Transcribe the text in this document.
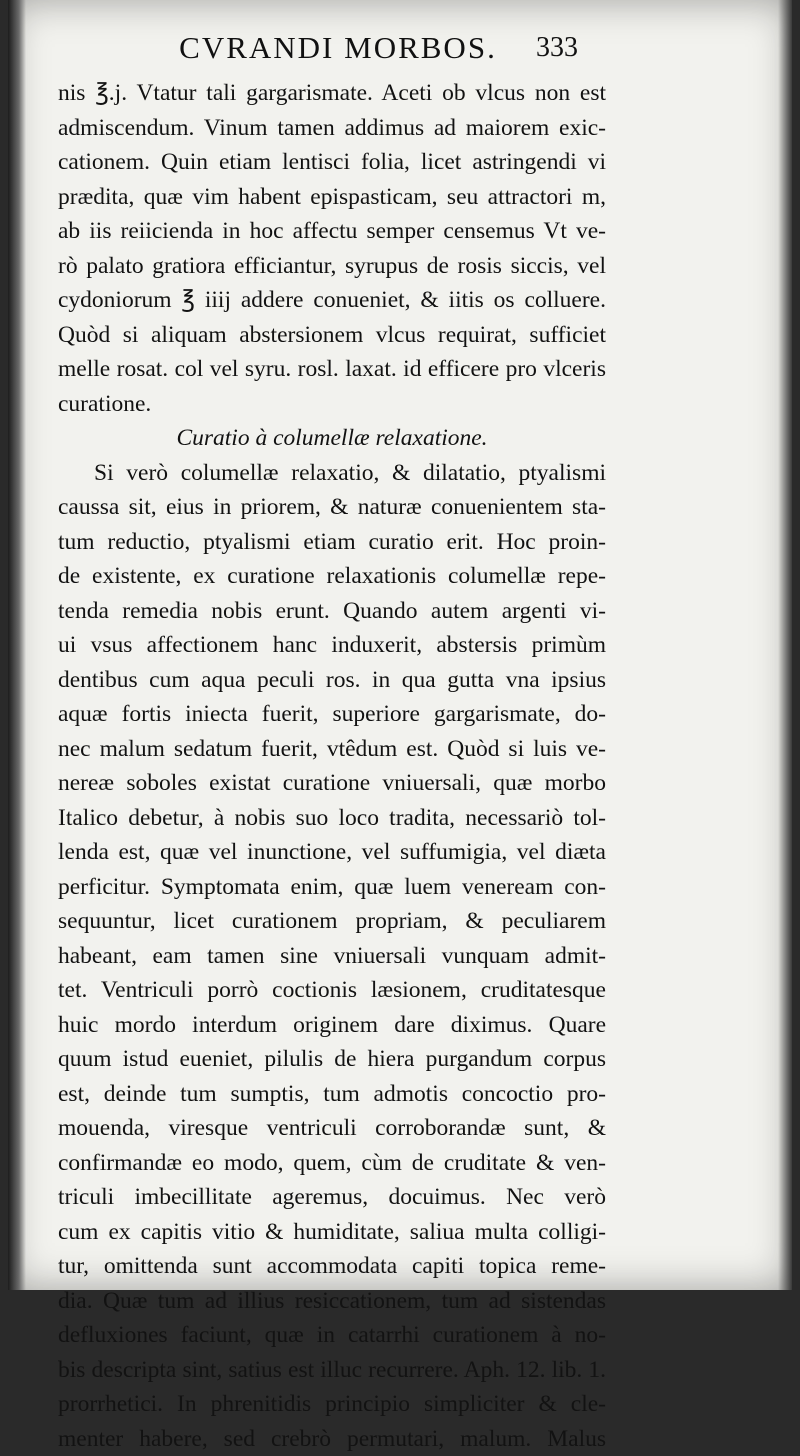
CVRANDI MORBOS.	333
nis ℥.j. Vtatur tali gargarismate. Aceti ob vlcus non est
admiscendum. Vinum tamen addimus ad maiorem exic-
cationem. Quin etiam lentisci folia, licet astringendi vi
prædita, quæ vim habent epispasticam, seu attractori m,
ab iis reiicienda in hoc affectu semper censemus Vt ve-
rò palato gratiora efficiantur, syrupus de rosis siccis, vel
cydoniorum ℥ iiij addere conueniet, & iitis os colluere.
Quòd si aliquam abstersionem vlcus requirat, sufficiet
melle rosat. col vel syru. rosl. laxat. id efficere pro vlceris
curatione.
Curatio à columellæ relaxatione.
Si verò columellæ relaxatio, & dilatatio, ptyalismi
caussa sit, eius in priorem, & naturæ conuenientem sta-
tum reductio, ptyalismi etiam curatio erit. Hoc proin-
de existente, ex curatione relaxationis columellæ repe-
tenda remedia nobis erunt. Quando autem argenti vi-
ui vsus affectionem hanc induxerit, abstersis primùm
dentibus cum aqua peculi ros. in qua gutta vna ipsius
aquæ fortis iniecta fuerit, superiore gargarismate, do-
nec malum sedatum fuerit, vtêdum est. Quòd si luis ve-
nereæ soboles existat curatione vniuersali, quæ morbo
Italico debetur, à nobis suo loco tradita, necessariò tol-
lenda est, quæ vel inunctione, vel suffumigia, vel diæta
perficitur. Symptomata enim, quæ luem veneream con-
sequuntur, licet curationem propriam, & peculiarem
habeant, eam tamen sine vniuersali vunquam admit-
tet. Ventriculi porrò coctionis læsionem, cruditatesque
huic mordo interdum originem dare diximus. Quare
quum istud eueniet, pilulis de hiera purgandum corpus
est, deinde tum sumptis, tum admotis concoctio pro-
mouenda, viresque ventriculi corroborandæ sunt, &
confirmandæ eo modo, quem, cùm de cruditate & ven-
triculi imbecillitate ageremus, docuimus. Nec verò
cum ex capitis vitio & humiditate, saliua multa colligi-
tur, omittenda sunt accommodata capiti topica reme-
dia. Quæ tum ad illius resiccationem, tum ad sistendas
defluxiones faciunt, quæ in catarrhi curationem à no-
bis descripta sint, satius est illuc recurrere. Aph. 12. lib. 1.
prorrhetici. In phrenitidis principio simpliciter & cle-
menter habere, sed crebrò permutari, malum. Malus
